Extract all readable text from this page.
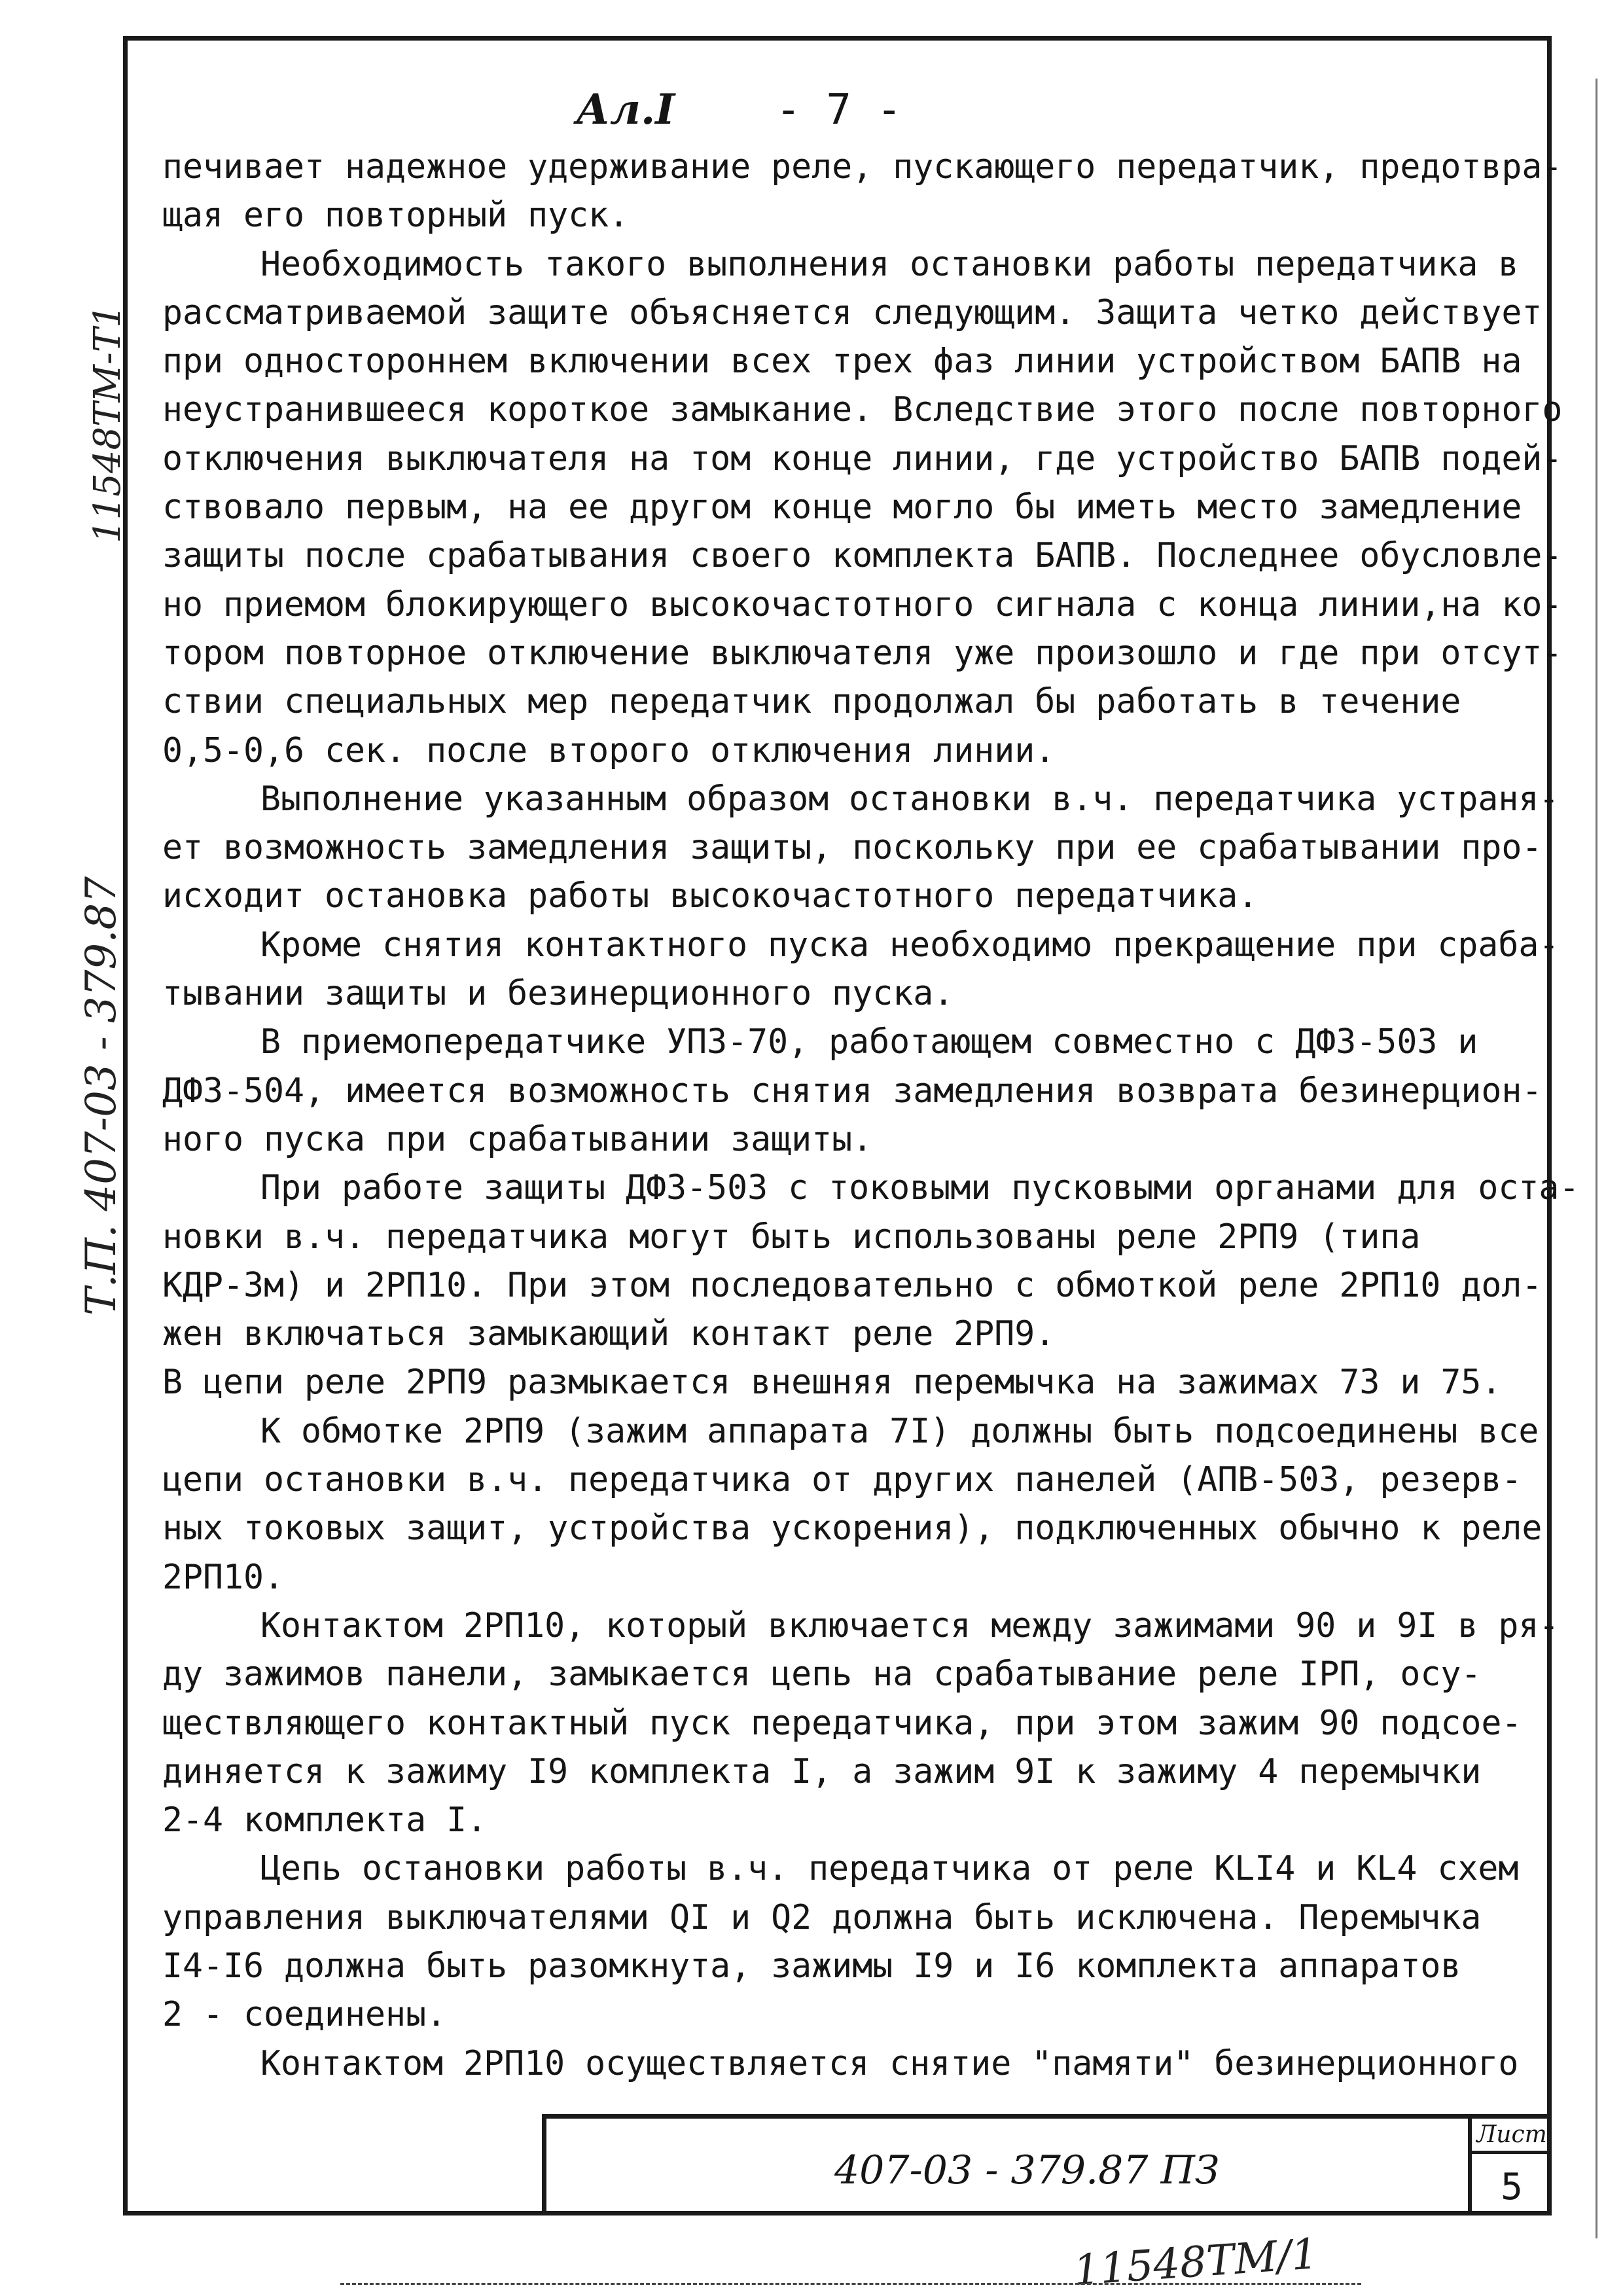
Ал.I - 7 -
11548ТМ-Т1
Т.П. 407-03 - 379.87
печивает надежное удерживание реле, пускающего передатчик, предотвра-
щая его повторный пуск.
Необходимость такого выполнения остановки работы передатчика в
рассматриваемой защите объясняется следующим. Защита четко действует
при одностороннем включении всех трех фаз линии устройством БАПВ на
неустранившееся короткое замыкание. Вследствие этого после повторного
отключения выключателя на том конце линии, где устройство БАПВ подей-
ствовало первым, на ее другом конце могло бы иметь место замедление
защиты после срабатывания своего комплекта БАПВ. Последнее обусловле-
но приемом блокирующего высокочастотного сигнала с конца линии,на ко-
тором повторное отключение выключателя уже произошло и где при отсут-
ствии специальных мер передатчик продолжал бы работать в течение
0,5-0,6 сек. после второго отключения линии.
Выполнение указанным образом остановки в.ч. передатчика устраня-
ет возможность замедления защиты, поскольку при ее срабатывании про-
исходит остановка работы высокочастотного передатчика.
Кроме снятия контактного пуска необходимо прекращение при сраба-
тывании защиты и безинерционного пуска.
В приемопередатчике УПЗ-70, работающем совместно с ДФЗ-503 и
ДФЗ-504, имеется возможность снятия замедления возврата безинерцион-
ного пуска при срабатывании защиты.
При работе защиты ДФЗ-503 с токовыми пусковыми органами для оста-
новки в.ч. передатчика могут быть использованы реле 2РП9 (типа
КДР-3м) и 2РП10. При этом последовательно с обмоткой реле 2РП10 дол-
жен включаться замыкающий контакт реле 2РП9.
В цепи реле 2РП9 размыкается внешняя перемычка на зажимах 73 и 75.
К обмотке 2РП9 (зажим аппарата 7I) должны быть подсоединены все
цепи остановки в.ч. передатчика от других панелей (АПВ-503, резерв-
ных токовых защит, устройства ускорения), подключенных обычно к реле
2РП10.
Контактом 2РП10, который включается между зажимами 90 и 9I в ря-
ду зажимов панели, замыкается цепь на срабатывание реле IРП, осу-
ществляющего контактный пуск передатчика, при этом зажим 90 подсое-
диняется к зажиму I9 комплекта I, а зажим 9I к зажиму 4 перемычки
2-4 комплекта I.
Цепь остановки работы в.ч. передатчика от реле KLI4 и KL4 схем
управления выключателями QI и Q2 должна быть исключена. Перемычка
I4-I6 должна быть разомкнута, зажимы I9 и I6 комплекта аппаратов
2 - соединены.
Контактом 2РП10 осуществляется снятие "памяти" безинерционного
407-03 - 379.87 ПЗ
Лист
5
11548ТМ/1
